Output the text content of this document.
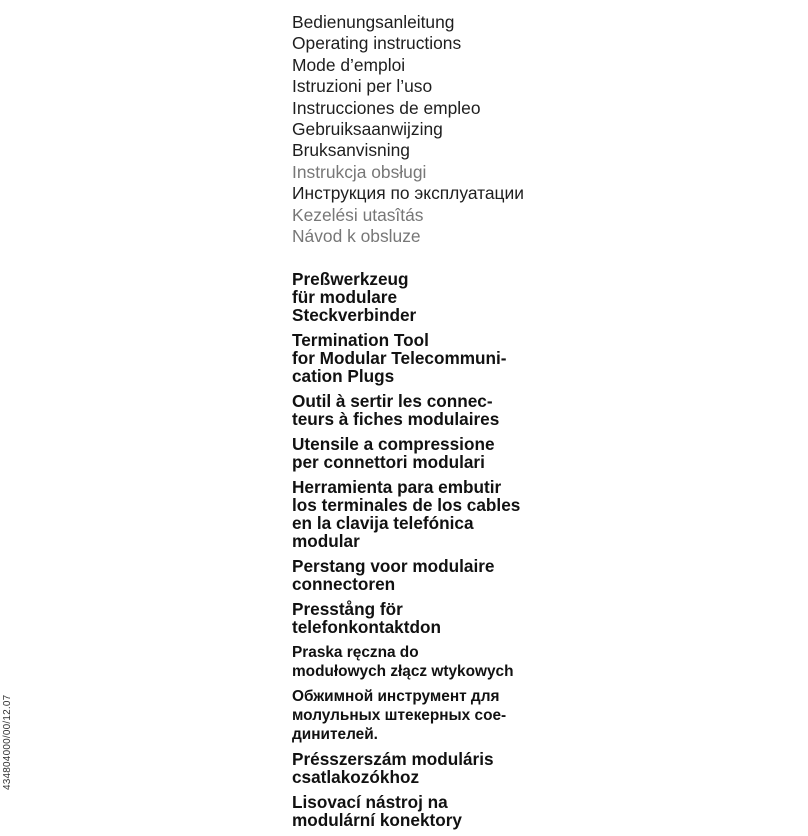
434804000/00/12.07
Bedienungsanleitung
Operating instructions
Mode d’emploi
Istruzioni per l’uso
Instrucciones de empleo
Gebruiksaanwijzing
Bruksanvisning
Instrukcja obsługi
Инструкция по эксплуатации
Kezelési utasîtás
Návod k obsluze
Preßwerkzeug
für modulare
Steckverbinder
Termination Tool
for Modular Telecommuni-
cation Plugs
Outil à sertir les connec-
teurs à fiches modulaires
Utensile a compressione
per connettori modulari
Herramienta para embutir
los terminales de los cables
en la clavija telefónica
modular
Perstang voor modulaire
connectoren
Presstång för
telefonkontaktdon
Praska ręczna do
modułowych złącz wtykowych
Обжимной инструмент для
молульных штекерных сое-
динителей.
Présszerszám moduláris
csatlakozókhoz
Lisovací nástroj na
modulární konektory
